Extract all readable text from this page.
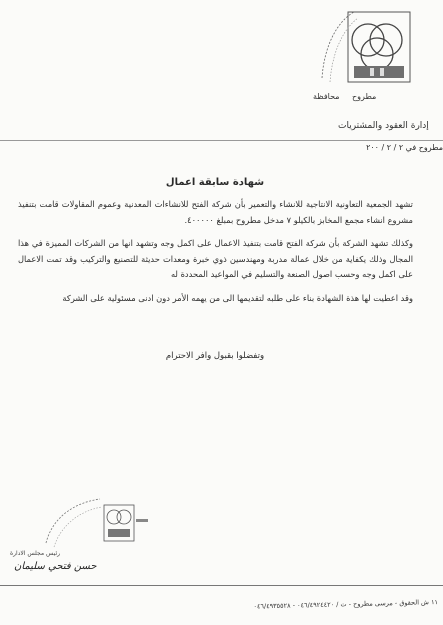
محافظة مطروح
إدارة العقود والمشتريات
مطروح في ٢ / ٢ / ٢٠٠
شهادة سابقة اعمال

تشهد الجمعية التعاونية الانتاجية للانشاء والتعمير بأن شركة الفتح للانشاءات المعدنية وعموم المقاولات قامت بتنفيذ مشروع انشاء مجمع المخابز بالكيلو ٧ مدخل مطروح بمبلغ ٤٠٠٠٠٠.

وكذلك تشهد الشركة بأن شركة الفتح قامت بتنفيذ الاعمال على اكمل وجه وتشهد انها من الشركات المميزة في هذا المجال وذلك يكفاية من خلال عمالة مدربة ومهندسين ذوي خبرة ومعدات حديثة للتصنيع والتركيب وقد تمت الاعمال على اكمل وجه وحسب اصول الصنعة والتسليم في المواعيد المحددة له

وقد اعطيت لها هذة الشهادة بناء على طلبه لتقديمها الى من يهمه الأمر دون ادنى مسئولية على الشركة

وتفضلوا بقبول وافر الاحترام
رئيس مجلس الادارة
حسن فتحي سليمان
١١ ش الحقوق - مرسى مطروح - ت / ٠٤٦/٤٩٢٤٤٢٠ - ٠٤٦/٤٩٣٥٥٢٨
